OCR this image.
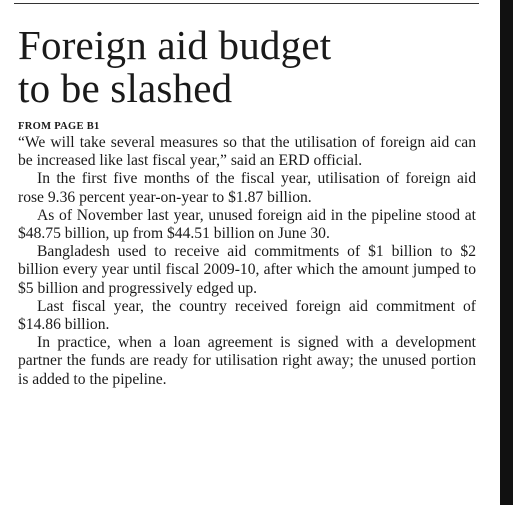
Foreign aid budget
to be slashed
FROM PAGE B1

“We will take several measures so that the utilisation of foreign aid can be increased like last fiscal year,” said an ERD official.

In the first five months of the fiscal year, utilisation of foreign aid rose 9.36 percent year-on-year to $1.87 billion.

As of November last year, unused foreign aid in the pipeline stood at $48.75 billion, up from $44.51 billion on June 30.

Bangladesh used to receive aid commitments of $1 billion to $2 billion every year until fiscal 2009-10, after which the amount jumped to $5 billion and progressively edged up.

Last fiscal year, the country received foreign aid commitment of $14.86 billion.

In practice, when a loan agreement is signed with a development partner the funds are ready for utilisation right away; the unused portion is added to the pipeline.
